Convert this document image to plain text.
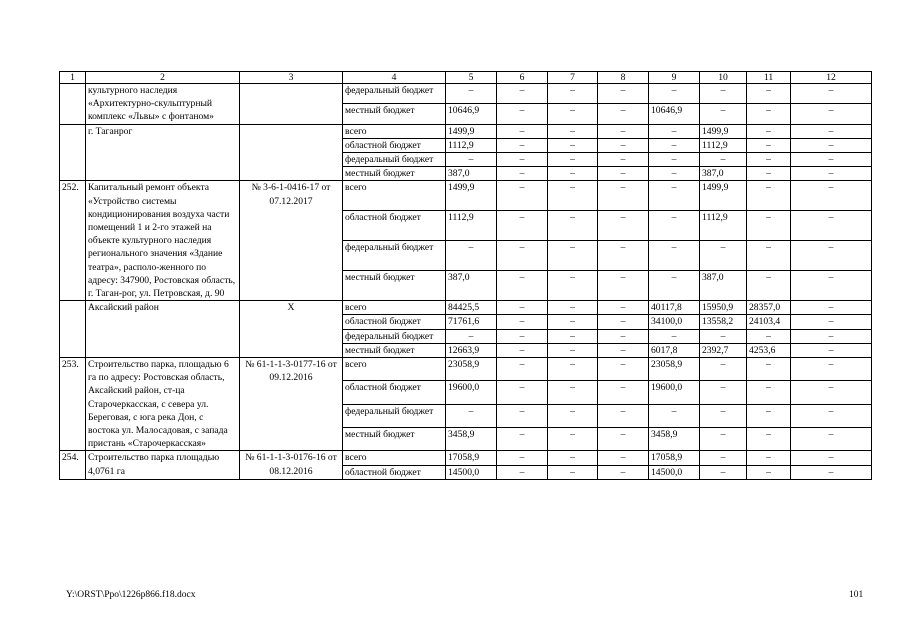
1	2	3	4	5	6	7	8	9	10	11	12
	культурного наследия «Архитектурно-скульптурный комплекс «Львы» с фонтаном»		федеральный бюджет	–	–	–	–	–	–	–	–
			местный бюджет	10646,9	–	–	–	10646,9	–	–	–
	г. Таганрог		всего	1499,9	–	–	–	–	1499,9	–	–
			областной бюджет	1112,9	–	–	–	–	1112,9	–	–
			федеральный бюджет	–	–	–	–	–	–	–	–
			местный бюджет	387,0	–	–	–	–	387,0	–	–
252.	Капитальный ремонт объекта «Устройство системы кондиционирования воздуха части помещений 1 и 2-го этажей на объекте культурного наследия регионального значения «Здание театра», располо-женного по адресу: 347900, Ростовская область, г. Таган-рог, ул. Петровская, д. 90	№ 3-6-1-0416-17 от 07.12.2017	всего	1499,9	–	–	–	–	1499,9	–	–
			областной бюджет	1112,9	–	–	–	–	1112,9	–	–
			федеральный бюджет	–	–	–	–	–	–	–	–
			местный бюджет	387,0	–	–	–	–	387,0	–	–
	Аксайский район	Х	всего	84425,5	–	–	–	40117,8	15950,9	28357,0	–
			областной бюджет	71761,6	–	–	–	34100,0	13558,2	24103,4	–
			федеральный бюджет	–	–	–	–	–	–	–	–
			местный бюджет	12663,9	–	–	–	6017,8	2392,7	4253,6	–
253.	Строительство парка, площадью 6 га по адресу: Ростовская область, Аксайский район, ст-ца Старочеркасская, с севера ул. Береговая, с юга река Дон, с востока ул. Малосадовая, с запада пристань «Старочеркасская»	№ 61-1-1-3-0177-16 от 09.12.2016	всего	23058,9	–	–	–	23058,9	–	–	–
			областной бюджет	19600,0	–	–	–	19600,0	–	–	–
			федеральный бюджет	–	–	–	–	–	–	–	–
			местный бюджет	3458,9	–	–	–	3458,9	–	–	–
254.	Строительство парка площадью 4,0761 га	№ 61-1-1-3-0176-16 от 08.12.2016	всего	17058,9	–	–	–	17058,9	–	–	–
			областной бюджет	14500,0	–	–	–	14500,0	–	–	–
Y:\ORST\Ppo\1226p866.f18.docx	101
